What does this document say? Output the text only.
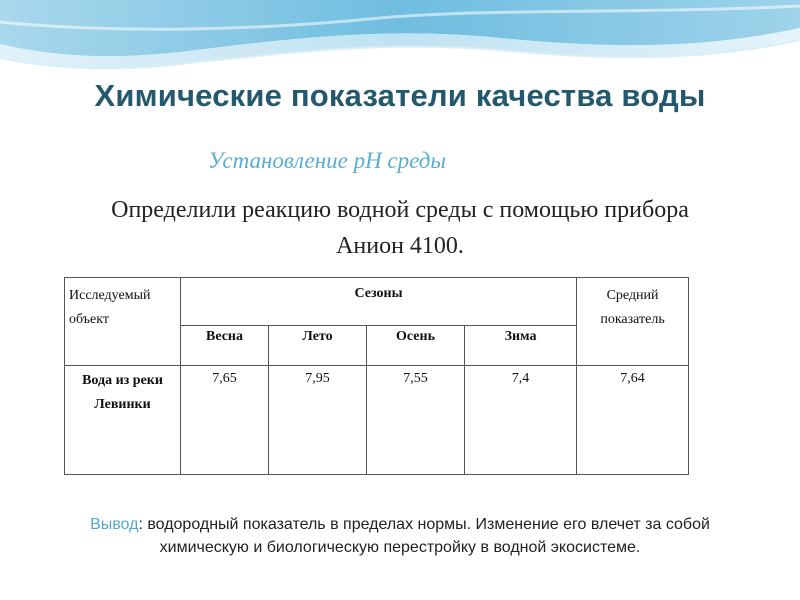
Химические показатели качества воды
Установление рН среды
Определили реакцию водной среды с помощью прибора Анион 4100.
Исследуемый объект	Сезоны				Средний показатель
	Весна	Лето	Осень	Зима	
Вода из реки Левинки	7,65	7,95	7,55	7,4	7,64
Вывод: водородный показатель в пределах нормы. Изменение его влечет за собой химическую и биологическую перестройку в водной экосистеме.
